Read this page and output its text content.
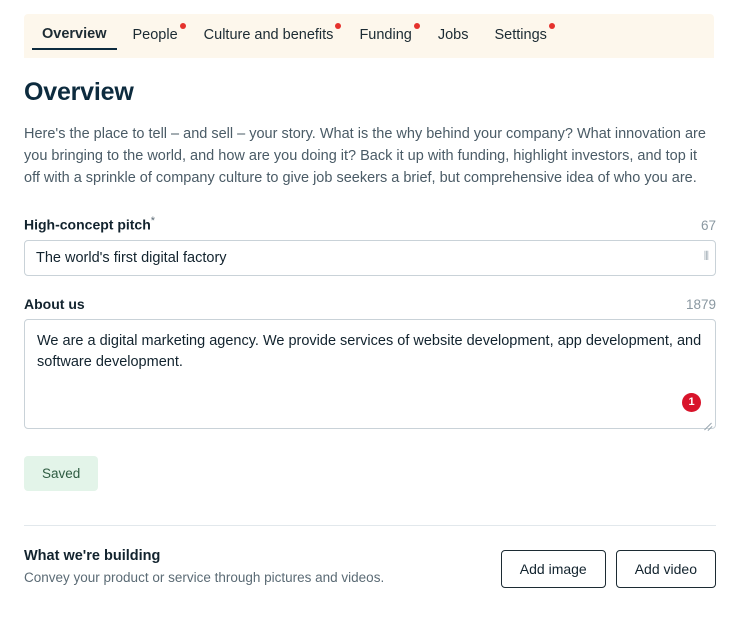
Overview	People	Culture and benefits	Funding	Jobs	Settings
Overview

Here's the place to tell – and sell – your story. What is the why behind your company? What innovation are you bringing to the world, and how are you doing it? Back it up with funding, highlight investors, and top it off with a sprinkle of company culture to give job seekers a brief, but comprehensive idea of who you are.

High-concept pitch*	67
The world's first digital factory
⦀
About us	1879
We are a digital marketing agency. We provide services of website development, app development, and software development.
1
Saved
What we're building

Convey your product or service through pictures and videos.

Add image	Add video
